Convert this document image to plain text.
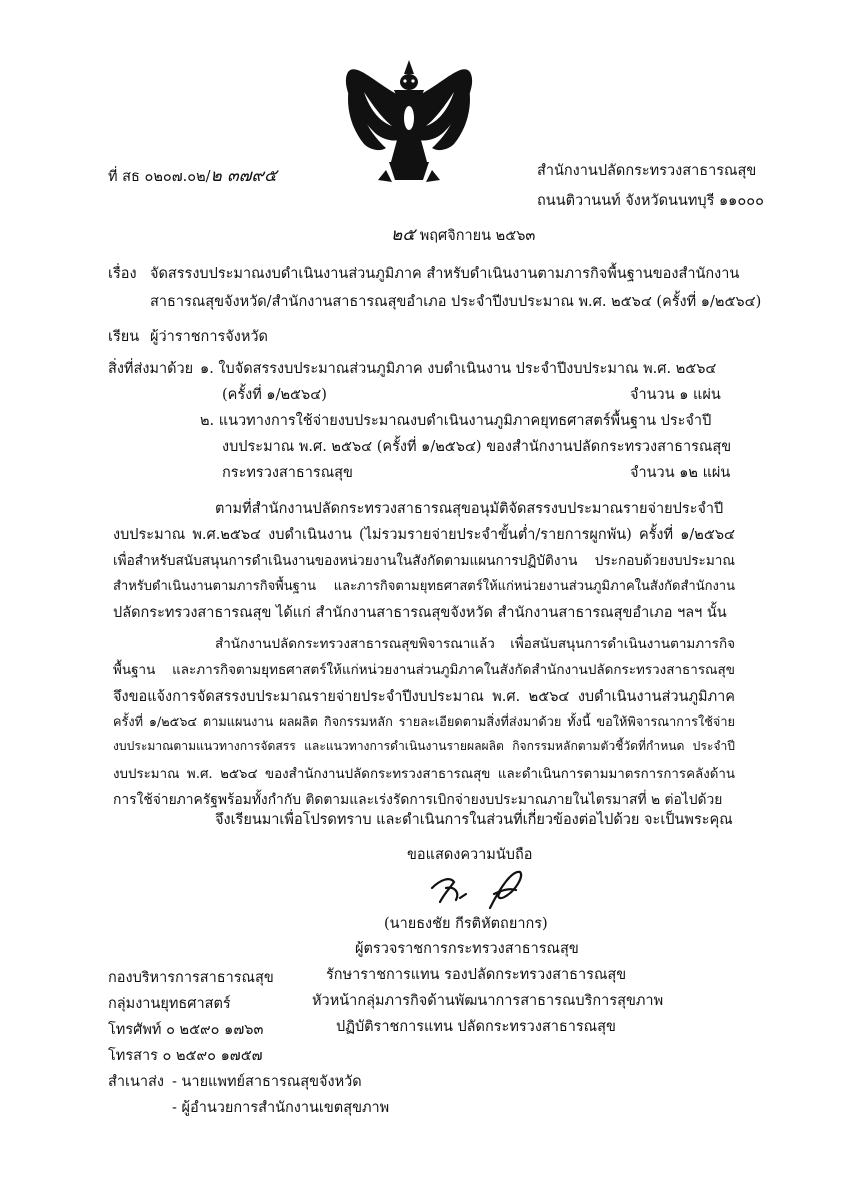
ที่ สธ ๐๒๐๗.๐๒/๒ ๓๗๙๕	สำนักงานปลัดกระทรวงสาธารณสุข
ถนนติวานนท์ จังหวัดนนทบุรี ๑๑๐๐๐
๒๕ พฤศจิกายน ๒๕๖๓
เรื่อง จัดสรรงบประมาณงบดำเนินงานส่วนภูมิภาค สำหรับดำเนินงานตามภารกิจพื้นฐานของสำนักงาน
สาธารณสุขจังหวัด/สำนักงานสาธารณสุขอำเภอ ประจำปีงบประมาณ พ.ศ. ๒๕๖๔ (ครั้งที่ ๑/๒๕๖๔)
เรียน ผู้ว่าราชการจังหวัด
สิ่งที่ส่งมาด้วย ๑. ใบจัดสรรงบประมาณส่วนภูมิภาค งบดำเนินงาน ประจำปีงบประมาณ พ.ศ. ๒๕๖๔
(ครั้งที่ ๑/๒๕๖๔)	จำนวน ๑ แผ่น
๒. แนวทางการใช้จ่ายงบประมาณงบดำเนินงานภูมิภาคยุทธศาสตร์พื้นฐาน ประจำปี
งบประมาณ พ.ศ. ๒๕๖๔ (ครั้งที่ ๑/๒๕๖๔) ของสำนักงานปลัดกระทรวงสาธารณสุข
กระทรวงสาธารณสุข	จำนวน ๑๒ แผ่น
ตามที่สำนักงานปลัดกระทรวงสาธารณสุขอนุมัติจัดสรรงบประมาณรายจ่ายประจำปี
งบประมาณ พ.ศ.๒๕๖๔ งบดำเนินงาน (ไม่รวมรายจ่ายประจำขั้นต่ำ/รายการผูกพัน) ครั้งที่ ๑/๒๕๖๔
เพื่อสำหรับสนับสนุนการดำเนินงานของหน่วยงานในสังกัดตามแผนการปฏิบัติงาน ประกอบด้วยงบประมาณ
สำหรับดำเนินงานตามภารกิจพื้นฐาน และภารกิจตามยุทธศาสตร์ให้แก่หน่วยงานส่วนภูมิภาคในสังกัดสำนักงาน
ปลัดกระทรวงสาธารณสุข ได้แก่ สำนักงานสาธารณสุขจังหวัด สำนักงานสาธารณสุขอำเภอ ฯลฯ นั้น
สำนักงานปลัดกระทรวงสาธารณสุขพิจารณาแล้ว เพื่อสนับสนุนการดำเนินงานตามภารกิจ
พื้นฐาน และภารกิจตามยุทธศาสตร์ให้แก่หน่วยงานส่วนภูมิภาคในสังกัดสำนักงานปลัดกระทรวงสาธารณสุข
จึงขอแจ้งการจัดสรรงบประมาณรายจ่ายประจำปีงบประมาณ พ.ศ. ๒๕๖๔ งบดำเนินงานส่วนภูมิภาค
ครั้งที่ ๑/๒๕๖๔ ตามแผนงาน ผลผลิต กิจกรรมหลัก รายละเอียดตามสิ่งที่ส่งมาด้วย ทั้งนี้ ขอให้พิจารณาการใช้จ่าย
งบประมาณตามแนวทางการจัดสรร และแนวทางการดำเนินงานรายผลผลิต กิจกรรมหลักตามตัวชี้วัดที่กำหนด ประจำปี
งบประมาณ พ.ศ. ๒๕๖๔ ของสำนักงานปลัดกระทรวงสาธารณสุข และดำเนินการตามมาตรการการคลังด้าน
การใช้จ่ายภาครัฐพร้อมทั้งกำกับ ติดตามและเร่งรัดการเบิกจ่ายงบประมาณภายในไตรมาสที่ ๒ ต่อไปด้วย
จึงเรียนมาเพื่อโปรดทราบ และดำเนินการในส่วนที่เกี่ยวข้องต่อไปด้วย จะเป็นพระคุณ
ขอแสดงความนับถือ
(นายธงชัย กีรติหัตถยากร)
ผู้ตรวจราชการกระทรวงสาธารณสุข
รักษาราชการแทน รองปลัดกระทรวงสาธารณสุข
หัวหน้ากลุ่มภารกิจด้านพัฒนาการสาธารณบริการสุขภาพ
ปฏิบัติราชการแทน ปลัดกระทรวงสาธารณสุข
กองบริหารการสาธารณสุข
กลุ่มงานยุทธศาสตร์
โทรศัพท์ ๐ ๒๕๙๐ ๑๗๖๓
โทรสาร ๐ ๒๕๙๐ ๑๗๕๗
สำเนาส่ง - นายแพทย์สาธารณสุขจังหวัด
- ผู้อำนวยการสำนักงานเขตสุขภาพ
